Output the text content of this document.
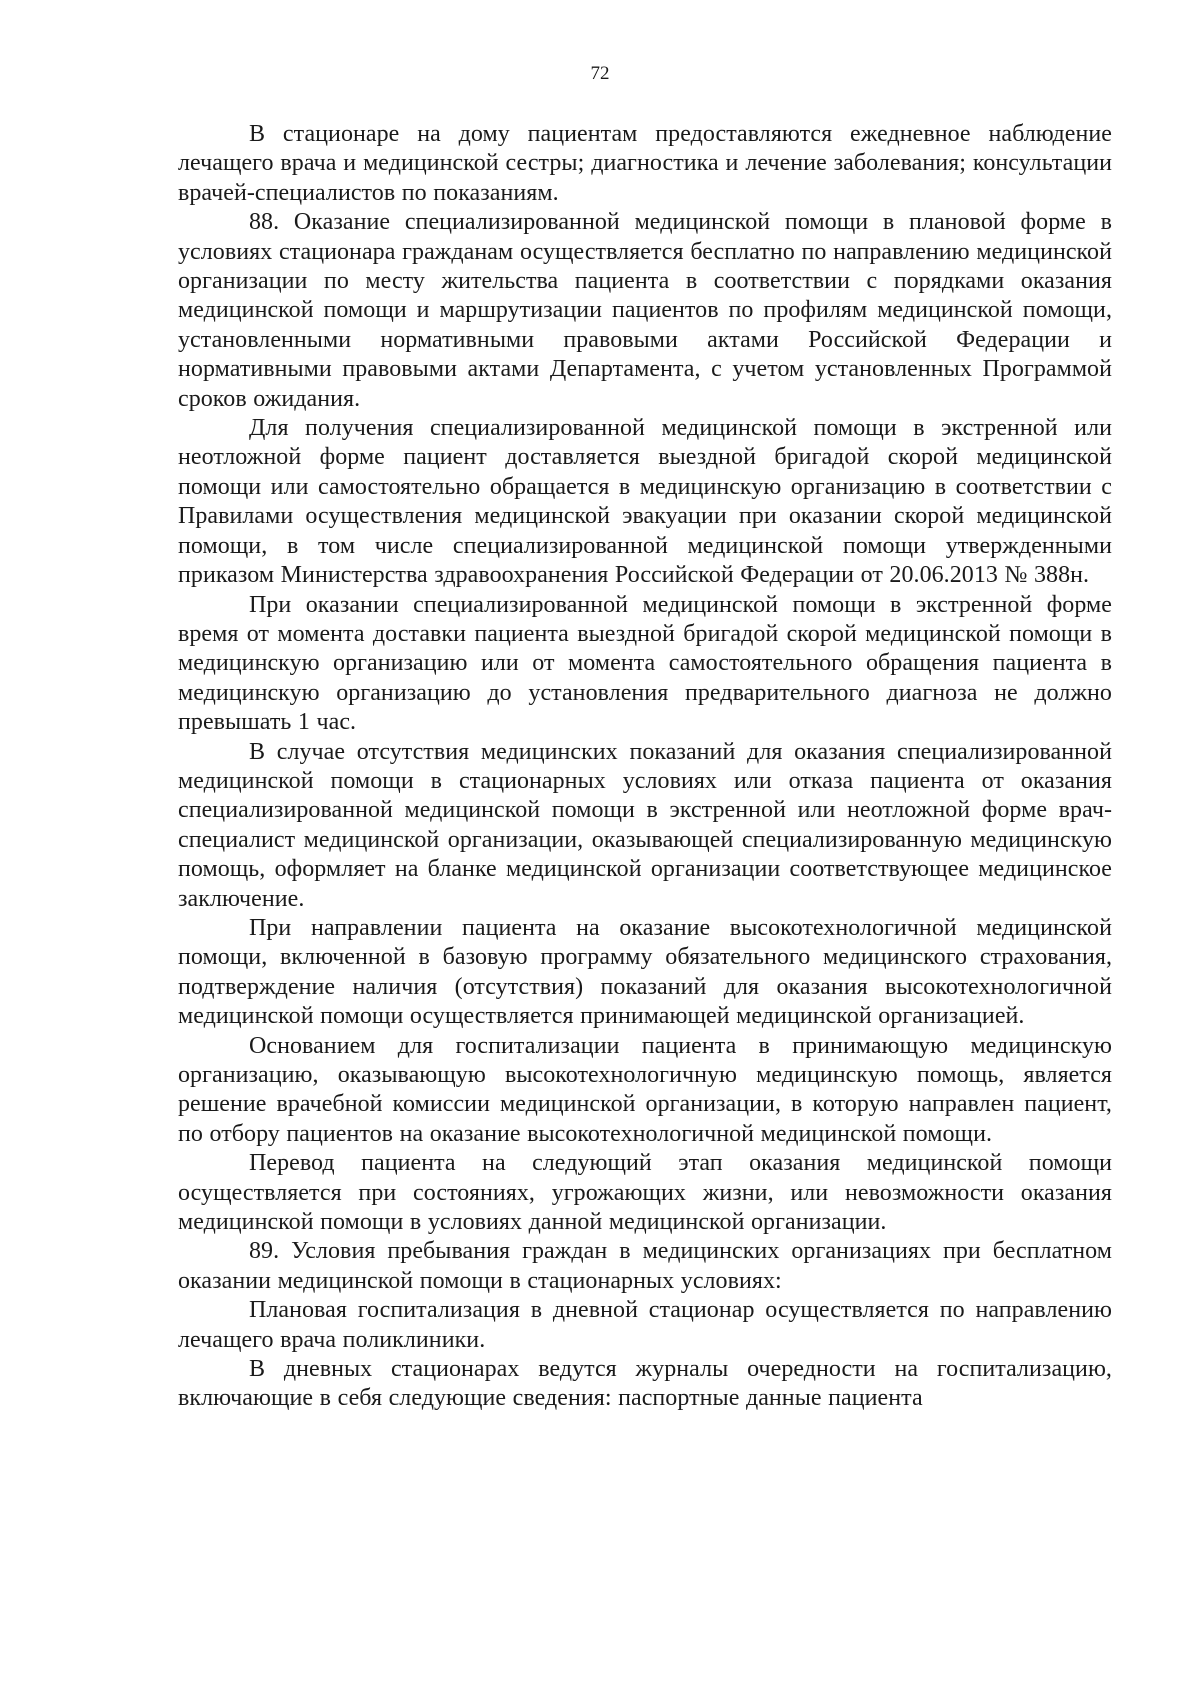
72

В стационаре на дому пациентам предоставляются ежедневное наблюдение лечащего врача и медицинской сестры; диагностика и лечение заболевания; консультации врачей-специалистов по показаниям.

88. Оказание специализированной медицинской помощи в плановой форме в условиях стационара гражданам осуществляется бесплатно по направлению медицинской организации по месту жительства пациента в соответствии с порядками оказания медицинской помощи и маршрутизации пациентов по профилям медицинской помощи, установленными нормативными правовыми актами Российской Федерации и нормативными правовыми актами Департамента, с учетом установленных Программой сроков ожидания.

Для получения специализированной медицинской помощи в экстренной или неотложной форме пациент доставляется выездной бригадой скорой медицинской помощи или самостоятельно обращается в медицинскую организацию в соответствии с Правилами осуществления медицинской эвакуации при оказании скорой медицинской помощи, в том числе специализированной медицинской помощи утвержденными приказом Министерства здравоохранения Российской Федерации от 20.06.2013 № 388н.

При оказании специализированной медицинской помощи в экстренной форме время от момента доставки пациента выездной бригадой скорой медицинской помощи в медицинскую организацию или от момента самостоятельного обращения пациента в медицинскую организацию до установления предварительного диагноза не должно превышать 1 час.

В случае отсутствия медицинских показаний для оказания специализированной медицинской помощи в стационарных условиях или отказа пациента от оказания специализированной медицинской помощи в экстренной или неотложной форме врач-специалист медицинской организации, оказывающей специализированную медицинскую помощь, оформляет на бланке медицинской организации соответствующее медицинское заключение.

При направлении пациента на оказание высокотехнологичной медицинской помощи, включенной в базовую программу обязательного медицинского страхования, подтверждение наличия (отсутствия) показаний для оказания высокотехнологичной медицинской помощи осуществляется принимающей медицинской организацией.

Основанием для госпитализации пациента в принимающую медицинскую организацию, оказывающую высокотехнологичную медицинскую помощь, является решение врачебной комиссии медицинской организации, в которую направлен пациент, по отбору пациентов на оказание высокотехнологичной медицинской помощи.

Перевод пациента на следующий этап оказания медицинской помощи осуществляется при состояниях, угрожающих жизни, или невозможности оказания медицинской помощи в условиях данной медицинской организации.

89. Условия пребывания граждан в медицинских организациях при бесплатном оказании медицинской помощи в стационарных условиях:

Плановая госпитализация в дневной стационар осуществляется по направлению лечащего врача поликлиники.

В дневных стационарах ведутся журналы очередности на госпитализацию, включающие в себя следующие сведения: паспортные данные пациента
